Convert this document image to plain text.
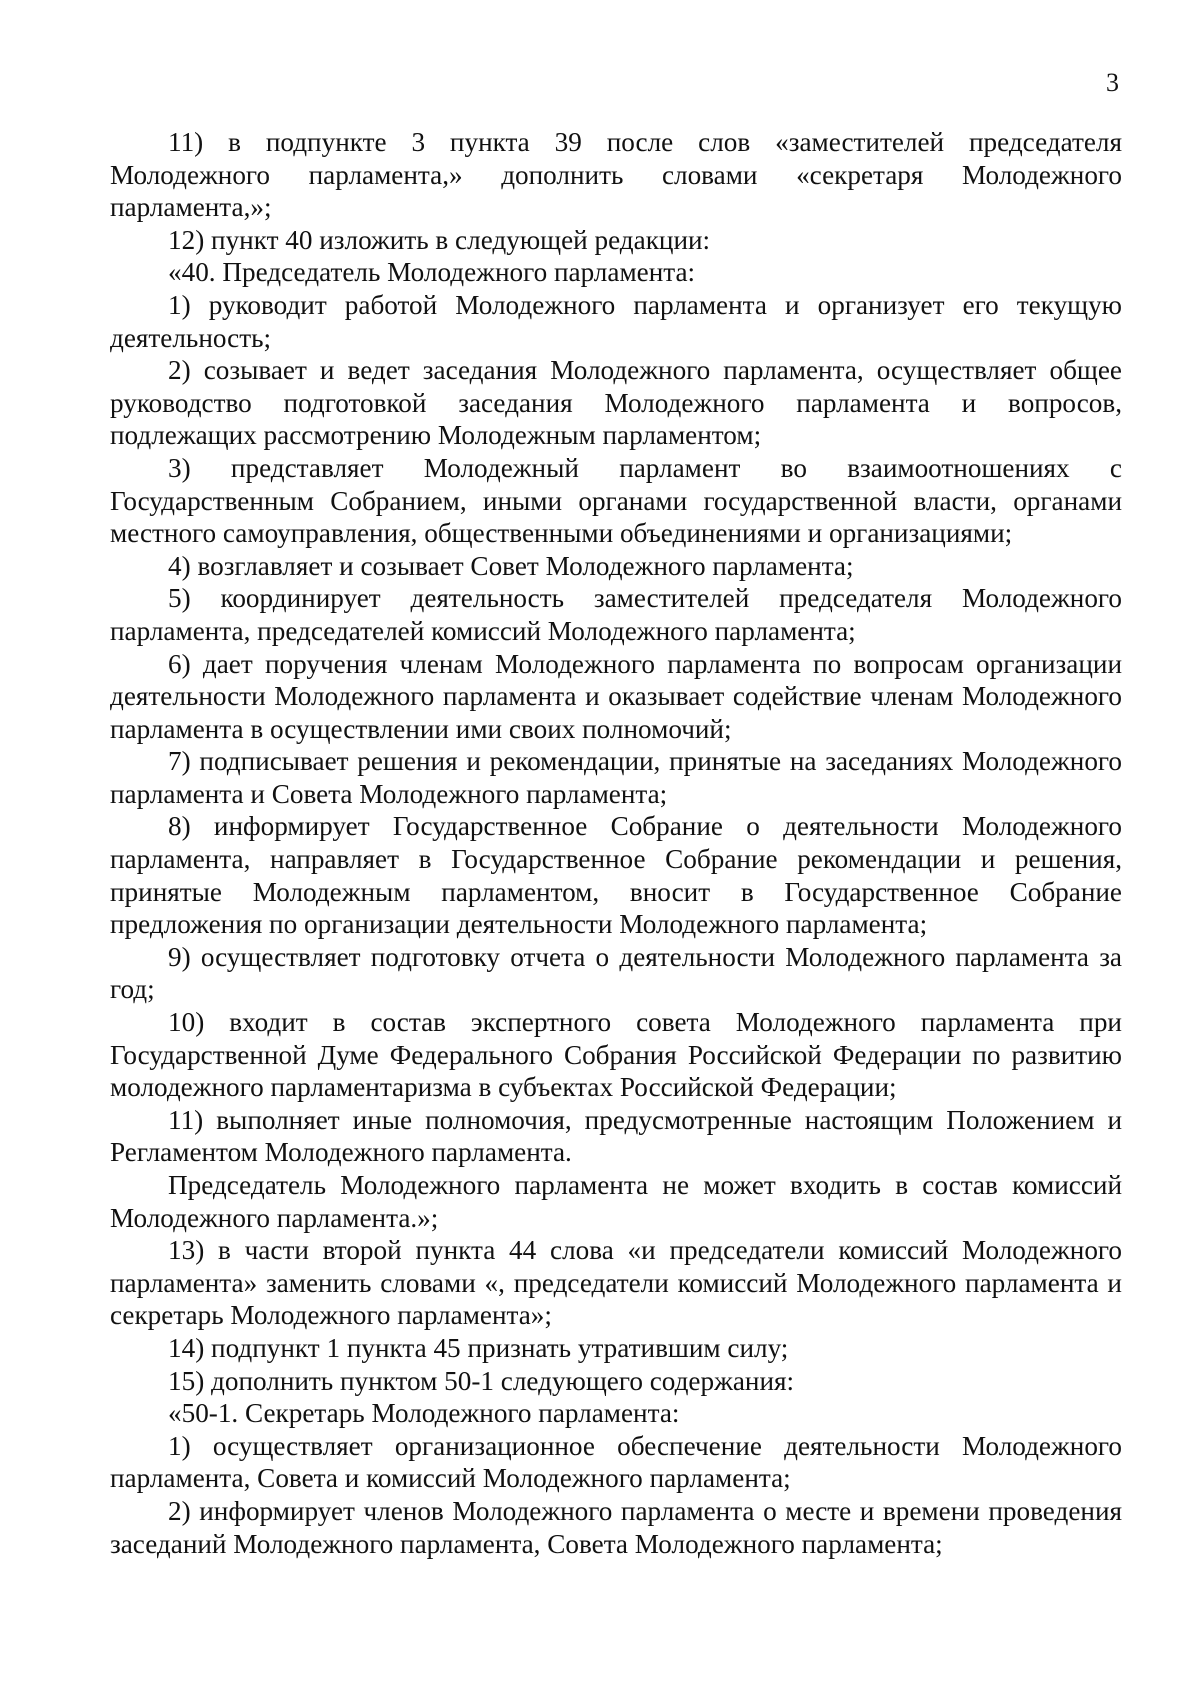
3

11) в подпункте 3 пункта 39 после слов «заместителей председателя Молодежного парламента,» дополнить словами «секретаря Молодежного парламента,»;

12) пункт 40 изложить в следующей редакции:

«40. Председатель Молодежного парламента:

1) руководит работой Молодежного парламента и организует его текущую деятельность;

2) созывает и ведет заседания Молодежного парламента, осуществляет общее руководство подготовкой заседания Молодежного парламента и вопросов, подлежащих рассмотрению Молодежным парламентом;

3) представляет Молодежный парламент во взаимоотношениях с Государственным Собранием, иными органами государственной власти, органами местного самоуправления, общественными объединениями и организациями;

4) возглавляет и созывает Совет Молодежного парламента;

5) координирует деятельность заместителей председателя Молодежного парламента, председателей комиссий Молодежного парламента;

6) дает поручения членам Молодежного парламента по вопросам организации деятельности Молодежного парламента и оказывает содействие членам Молодежного парламента в осуществлении ими своих полномочий;

7) подписывает решения и рекомендации, принятые на заседаниях Молодежного парламента и Совета Молодежного парламента;

8) информирует Государственное Собрание о деятельности Молодежного парламента, направляет в Государственное Собрание рекомендации и решения, принятые Молодежным парламентом, вносит в Государственное Собрание предложения по организации деятельности Молодежного парламента;

9) осуществляет подготовку отчета о деятельности Молодежного парламента за год;

10) входит в состав экспертного совета Молодежного парламента при Государственной Думе Федерального Собрания Российской Федерации по развитию молодежного парламентаризма в субъектах Российской Федерации;

11) выполняет иные полномочия, предусмотренные настоящим Положением и Регламентом Молодежного парламента.

Председатель Молодежного парламента не может входить в состав комиссий Молодежного парламента.»;

13) в части второй пункта 44 слова «и председатели комиссий Молодежного парламента» заменить словами «, председатели комиссий Молодежного парламента и секретарь Молодежного парламента»;

14) подпункт 1 пункта 45 признать утратившим силу;

15) дополнить пунктом 50-1 следующего содержания:

«50-1. Секретарь Молодежного парламента:

1) осуществляет организационное обеспечение деятельности Молодежного парламента, Совета и комиссий Молодежного парламента;

2) информирует членов Молодежного парламента о месте и времени проведения заседаний Молодежного парламента, Совета Молодежного парламента;
